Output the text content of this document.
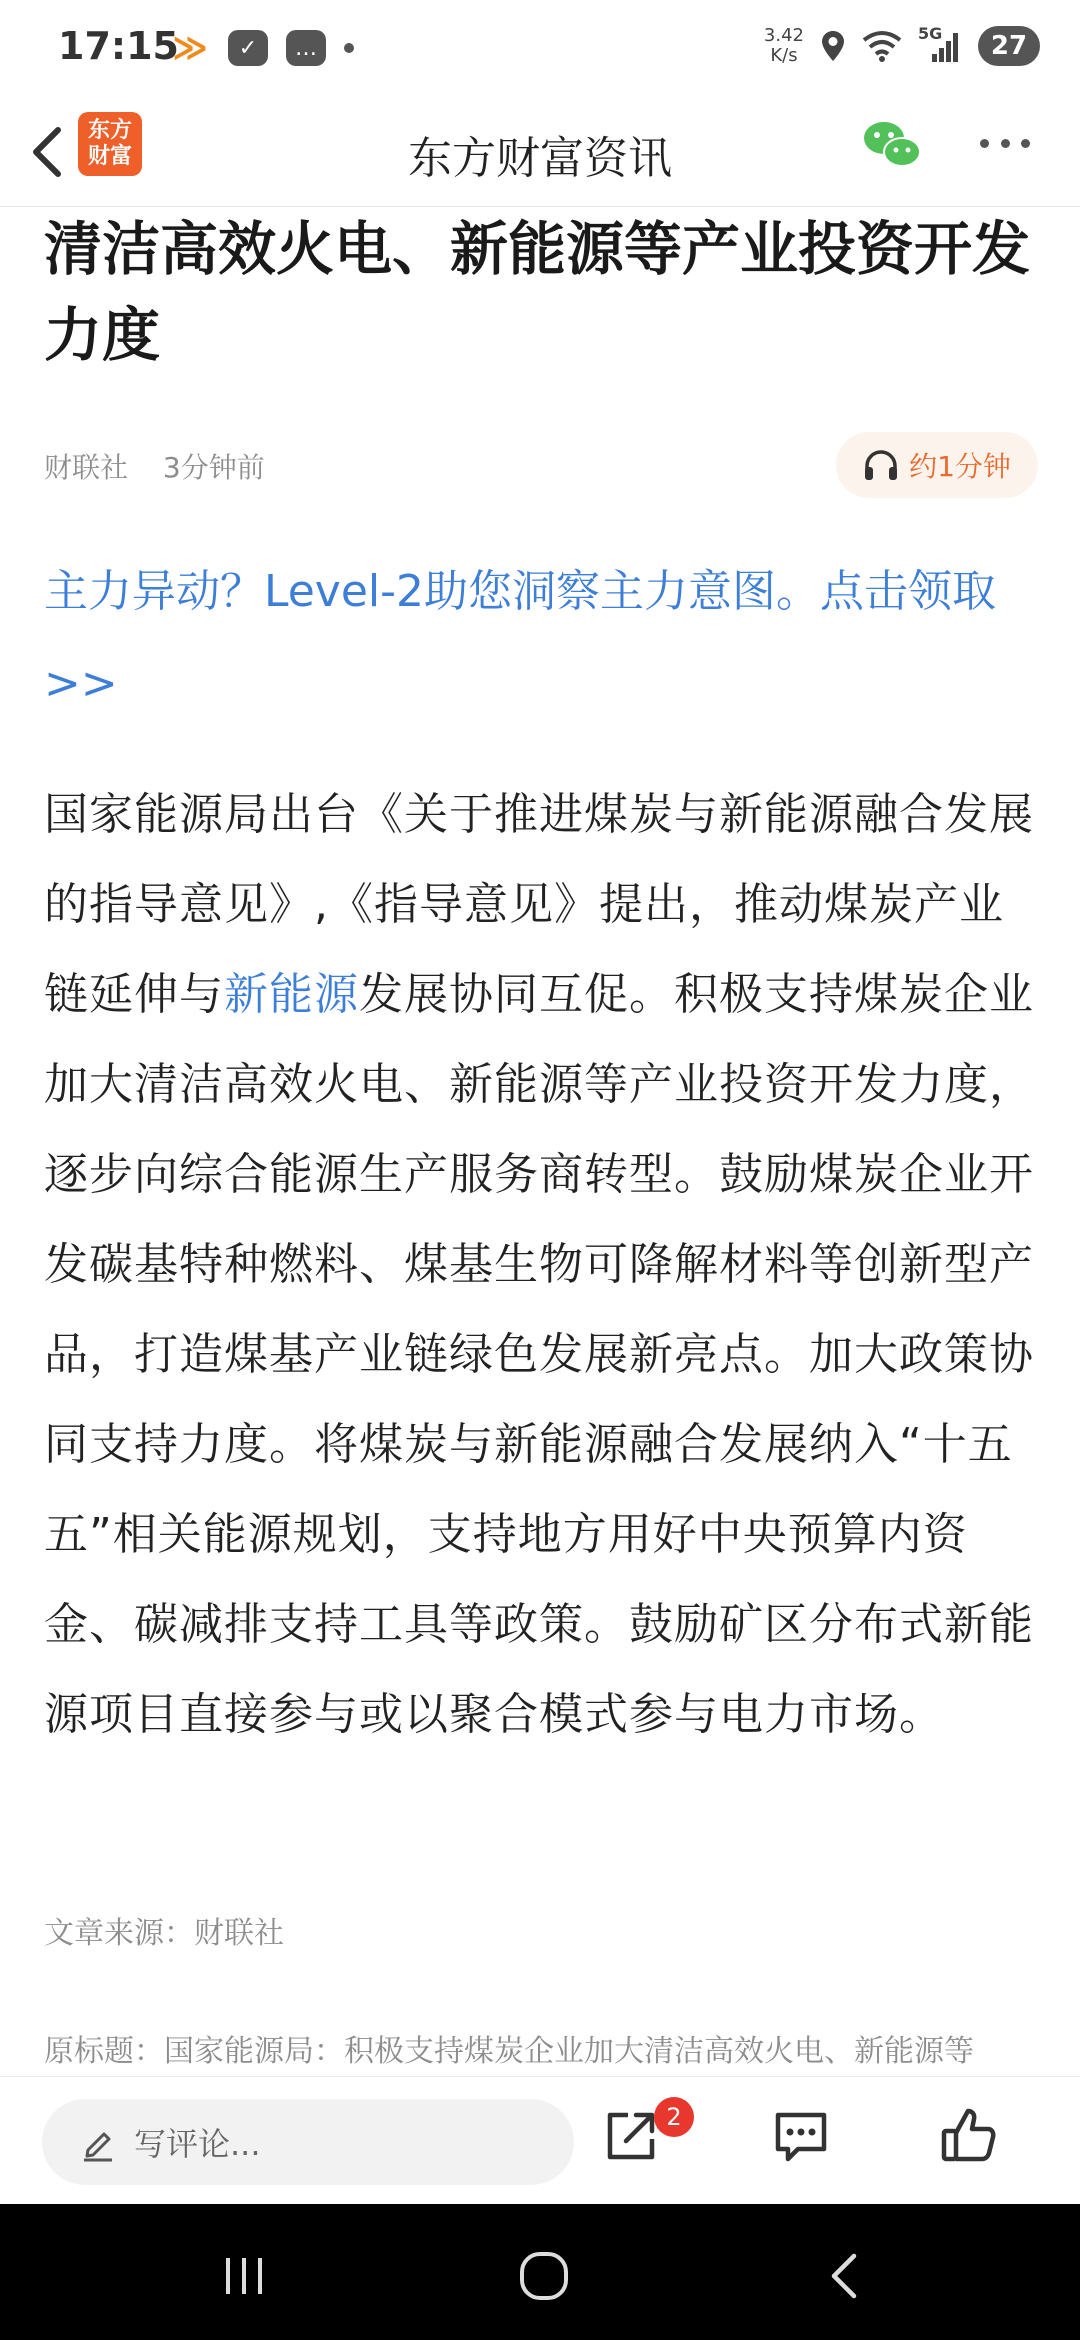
17:15
≫	✓	…	3.42
K/s
5G	27
东方
财富	东方财富资讯
清洁高效火电、新能源等产业投资开发力度
财联社 3分钟前	约1分钟
主力异动？Level-2助您洞察主力意图。点击领取>>
国家能源局出台《关于推进煤炭与新能源融合发展的指导意见》,《指导意见》提出，推动煤炭产业链延伸与新能源发展协同互促。积极支持煤炭企业加大清洁高效火电、新能源等产业投资开发力度，逐步向综合能源生产服务商转型。鼓励煤炭企业开发碳基特种燃料、煤基生物可降解材料等创新型产品，打造煤基产业链绿色发展新亮点。加大政策协同支持力度。将煤炭与新能源融合发展纳入“十五五”相关能源规划，支持地方用好中央预算内资金、碳减排支持工具等政策。鼓励矿区分布式新能源项目直接参与或以聚合模式参与电力市场。
文章来源：财联社
原标题：国家能源局：积极支持煤炭企业加大清洁高效火电、新能源等
写评论...
2
